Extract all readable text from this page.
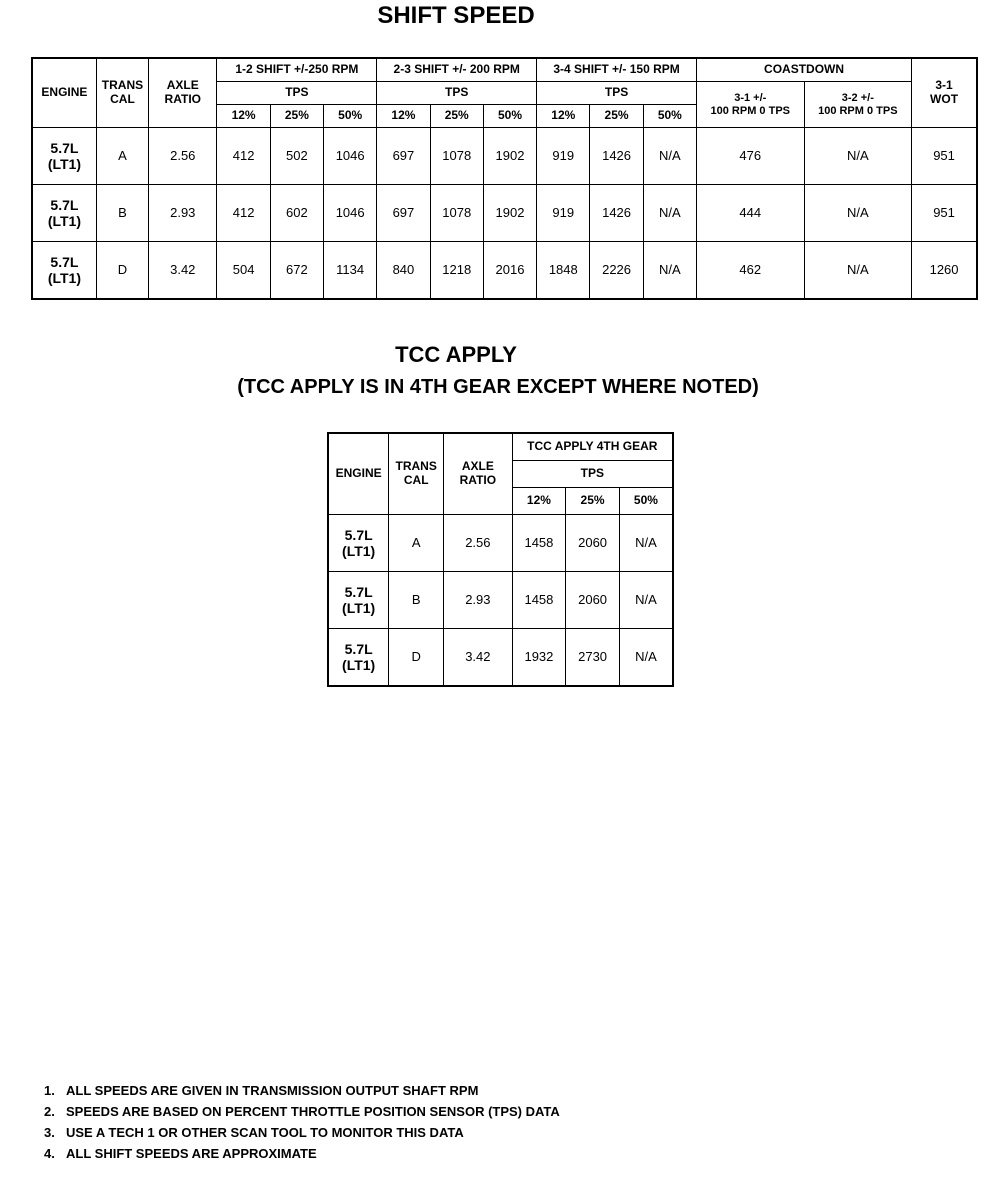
SHIFT SPEED
ENGINE	TRANS CAL	AXLE RATIO	1-2 SHIFT +/-250 RPM			2-3 SHIFT +/- 200 RPM			3-4 SHIFT +/- 150 RPM			COASTDOWN		3-1
WOT
			TPS			TPS			TPS			3-1 +/-
100 RPM 0 TPS	3-2 +/-
100 RPM 0 TPS	
			12%	25%	50%	12%	25%	50%	12%	25%	50%			
5.7L
(LT1)	A	2.56	412	502	1046	697	1078	1902	919	1426	N/A	476	N/A	951
5.7L
(LT1)	B	2.93	412	602	1046	697	1078	1902	919	1426	N/A	444	N/A	951
5.7L
(LT1)	D	3.42	504	672	1134	840	1218	2016	1848	2226	N/A	462	N/A	1260
TCC APPLY
(TCC APPLY IS IN 4TH GEAR EXCEPT WHERE NOTED)
ENGINE	TRANS CAL	AXLE RATIO	TCC APPLY 4TH GEAR		
			TPS		
			12%	25%	50%
5.7L
(LT1)	A	2.56	1458	2060	N/A
5.7L
(LT1)	B	2.93	1458	2060	N/A
5.7L
(LT1)	D	3.42	1932	2730	N/A
1. ALL SPEEDS ARE GIVEN IN TRANSMISSION OUTPUT SHAFT RPM
2. SPEEDS ARE BASED ON PERCENT THROTTLE POSITION SENSOR (TPS) DATA
3. USE A TECH 1 OR OTHER SCAN TOOL TO MONITOR THIS DATA
4. ALL SHIFT SPEEDS ARE APPROXIMATE
